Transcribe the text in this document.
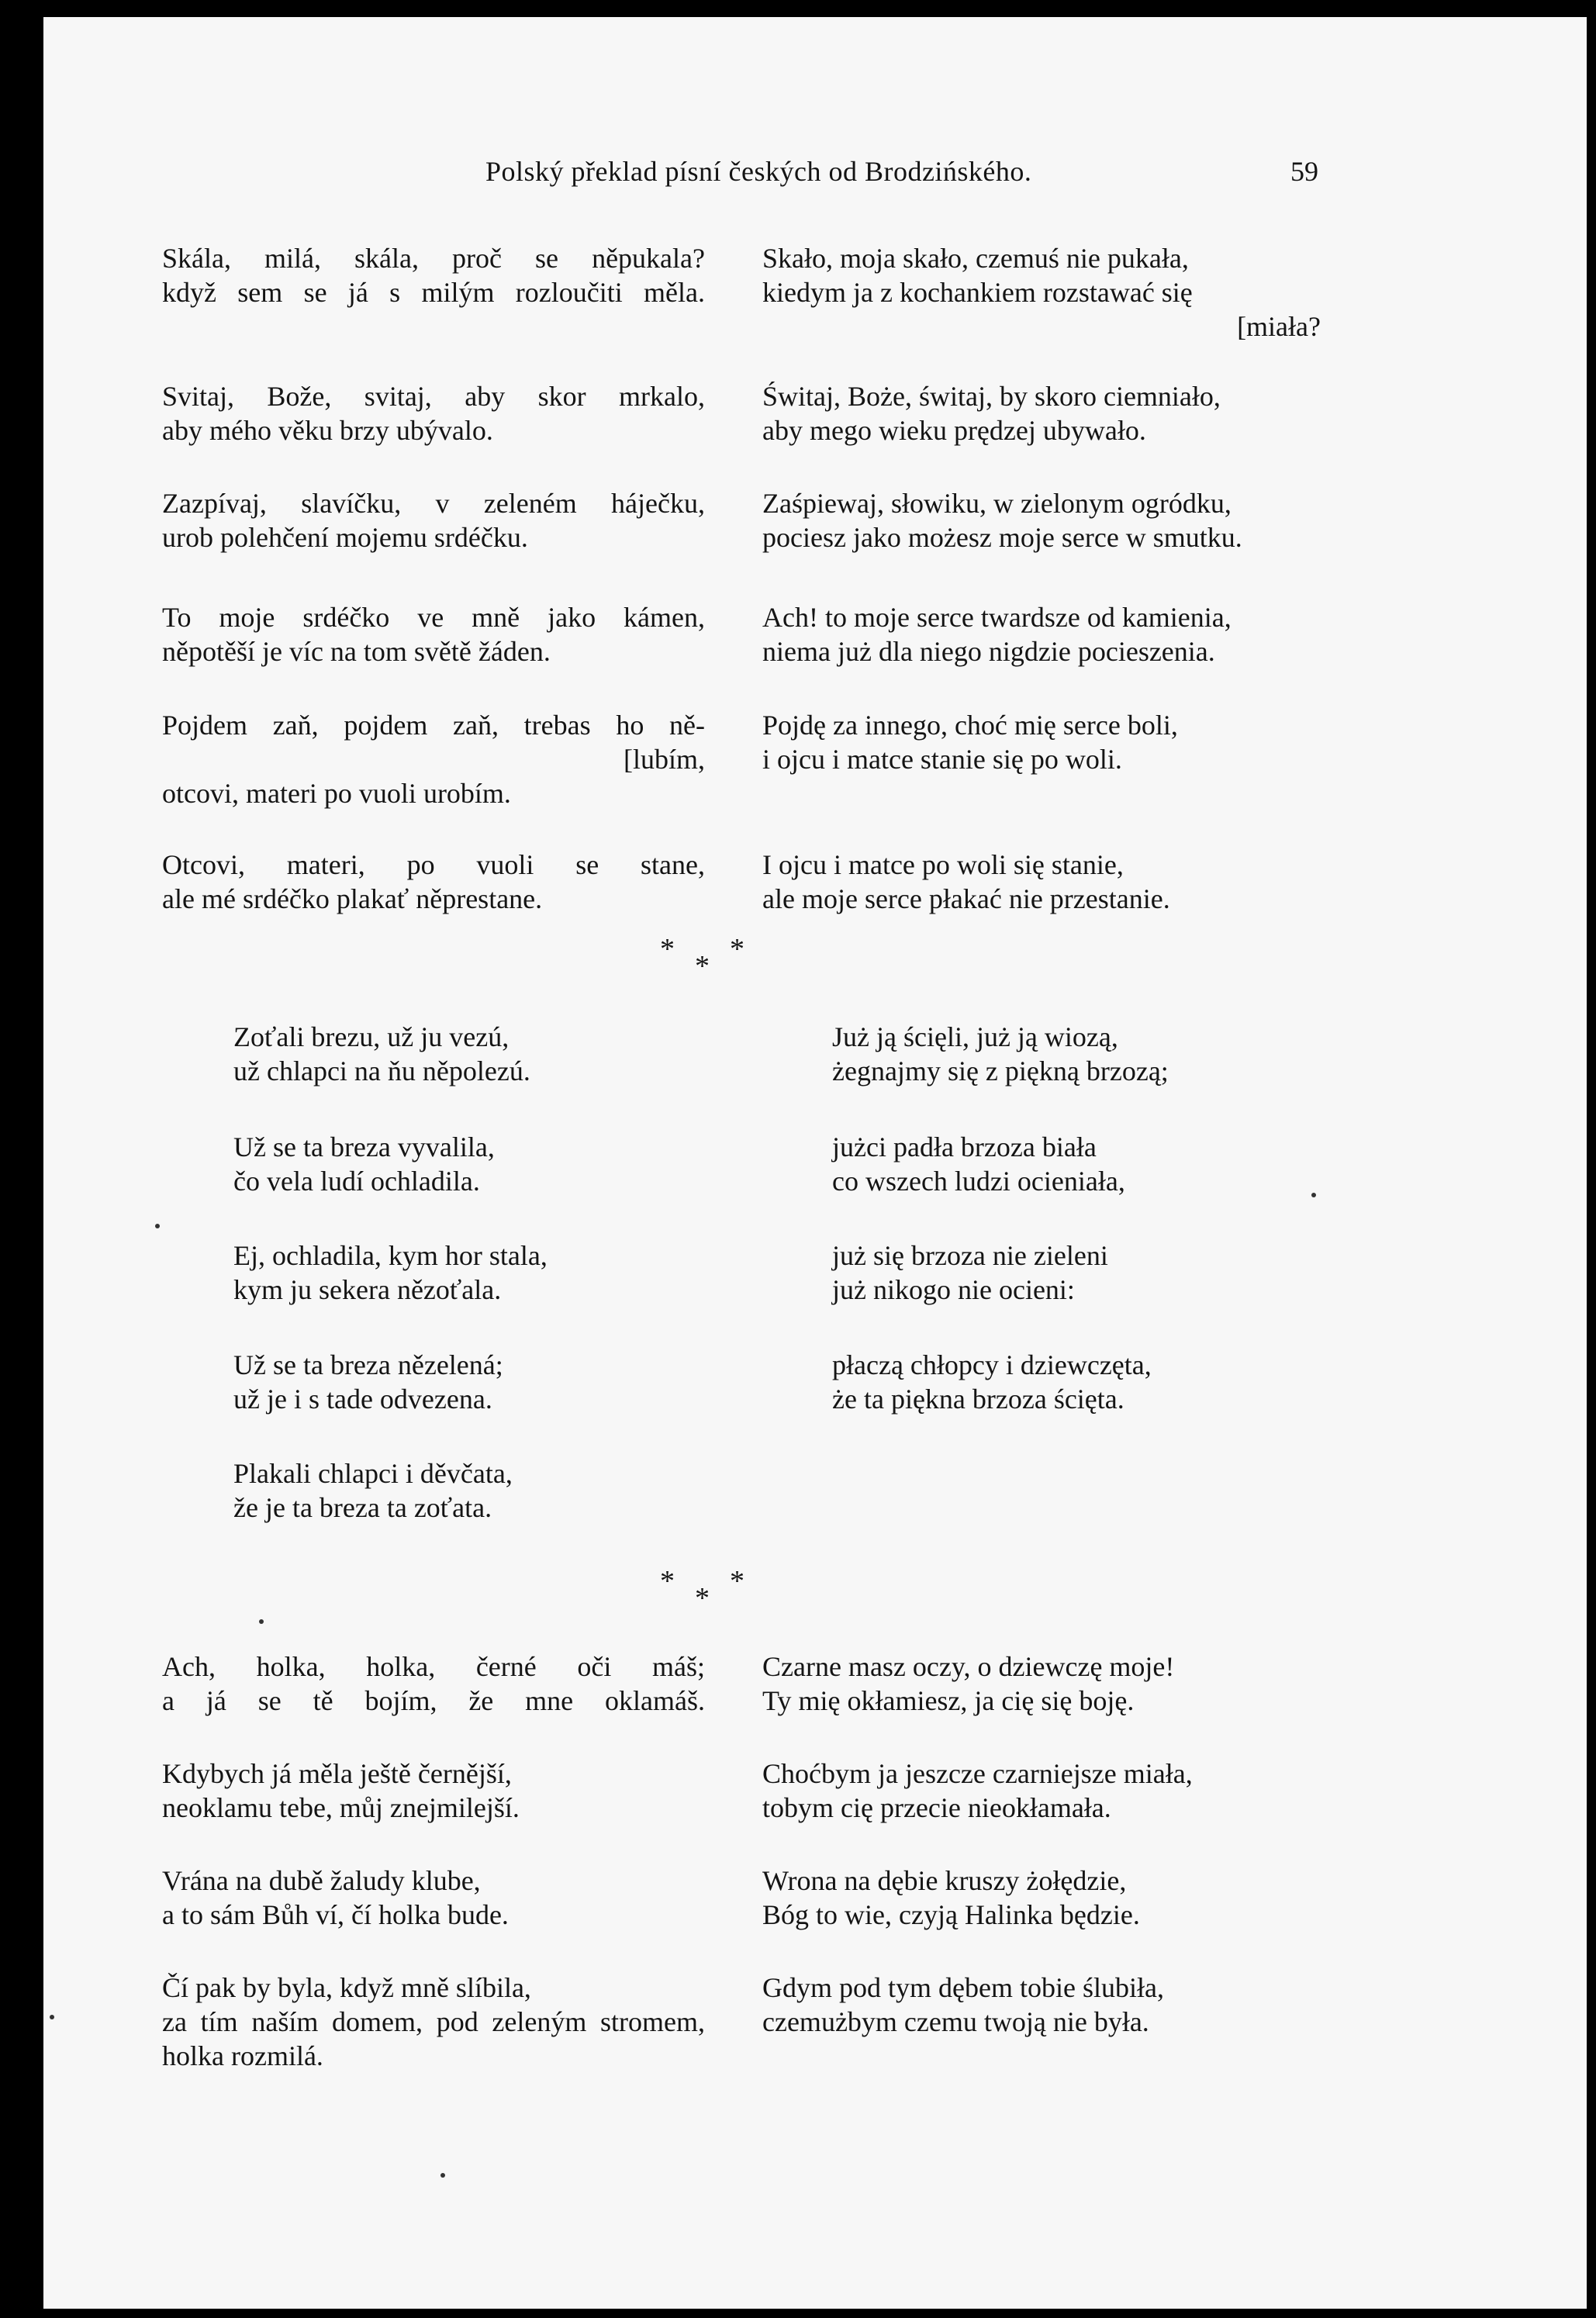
Polský překlad písní českých od Brodzińského.	59
Skála, milá, skála, proč se něpukala?
když sem se já s milým rozloučiti měla.
Svitaj, Bože, svitaj, aby skor mrkalo,
aby mého věku brzy ubývalo.
Zazpívaj, slavíčku, v zeleném háječku,
urob polehčení mojemu srdéčku.
To moje srdéčko ve mně jako kámen,
něpotěší je víc na tom světě žáden.
Pojdem zaň, pojdem zaň, trebas ho ně-
[lubím,
otcovi, materi po vuoli urobím.
Otcovi, materi, po vuoli se stane,
ale mé srdéčko plakať něprestane.
Skało, moja skało, czemuś nie pukała,
kiedym ja z kochankiem rozstawać się
[miała?
Świtaj, Boże, świtaj, by skoro ciemniało,
aby mego wieku prędzej ubywało.
Zaśpiewaj, słowiku, w zielonym ogródku,
pociesz jako możesz moje serce w smutku.
Ach! to moje serce twardsze od kamienia,
niema już dla niego nigdzie pocieszenia.
Pojdę za innego, choć mię serce boli,
i ojcu i matce stanie się po woli.
I ojcu i matce po woli się stanie,
ale moje serce płakać nie przestanie.
*
*
*
Zoťali brezu, už ju vezú,
už chlapci na ňu něpolezú.
Už se ta breza vyvalila,
čo vela ludí ochladila.
Ej, ochladila, kym hor stala,
kym ju sekera nězoťala.
Už se ta breza nězelená;
už je i s tade odvezena.
Plakali chlapci i děvčata,
že je ta breza ta zoťata.
Już ją ścięli, już ją wiozą,
żegnajmy się z piękną brzozą;
jużci padła brzoza biała
co wszech ludzi ocieniała,
już się brzoza nie zieleni
już nikogo nie ocieni:
płaczą chłopcy i dziewczęta,
że ta piękna brzoza ścięta.
*
*
*
Ach, holka, holka, černé oči máš;
a já se tě bojím, že mne oklamáš.
Kdybych já měla ještě černější,
neoklamu tebe, můj znejmilejší.
Vrána na dubě žaludy klube,
a to sám Bůh ví, čí holka bude.
Čí pak by byla, když mně slíbila,
za tím naším domem, pod zeleným stromem,
holka rozmilá.
Czarne masz oczy, o dziewczę moje!
Ty mię okłamiesz, ja cię się boję.
Choćbym ja jeszcze czarniejsze miała,
tobym cię przecie nieokłamała.
Wrona na dębie kruszy żołędzie,
Bóg to wie, czyją Halinka będzie.
Gdym pod tym dębem tobie ślubiła,
czemużbym czemu twoją nie była.
